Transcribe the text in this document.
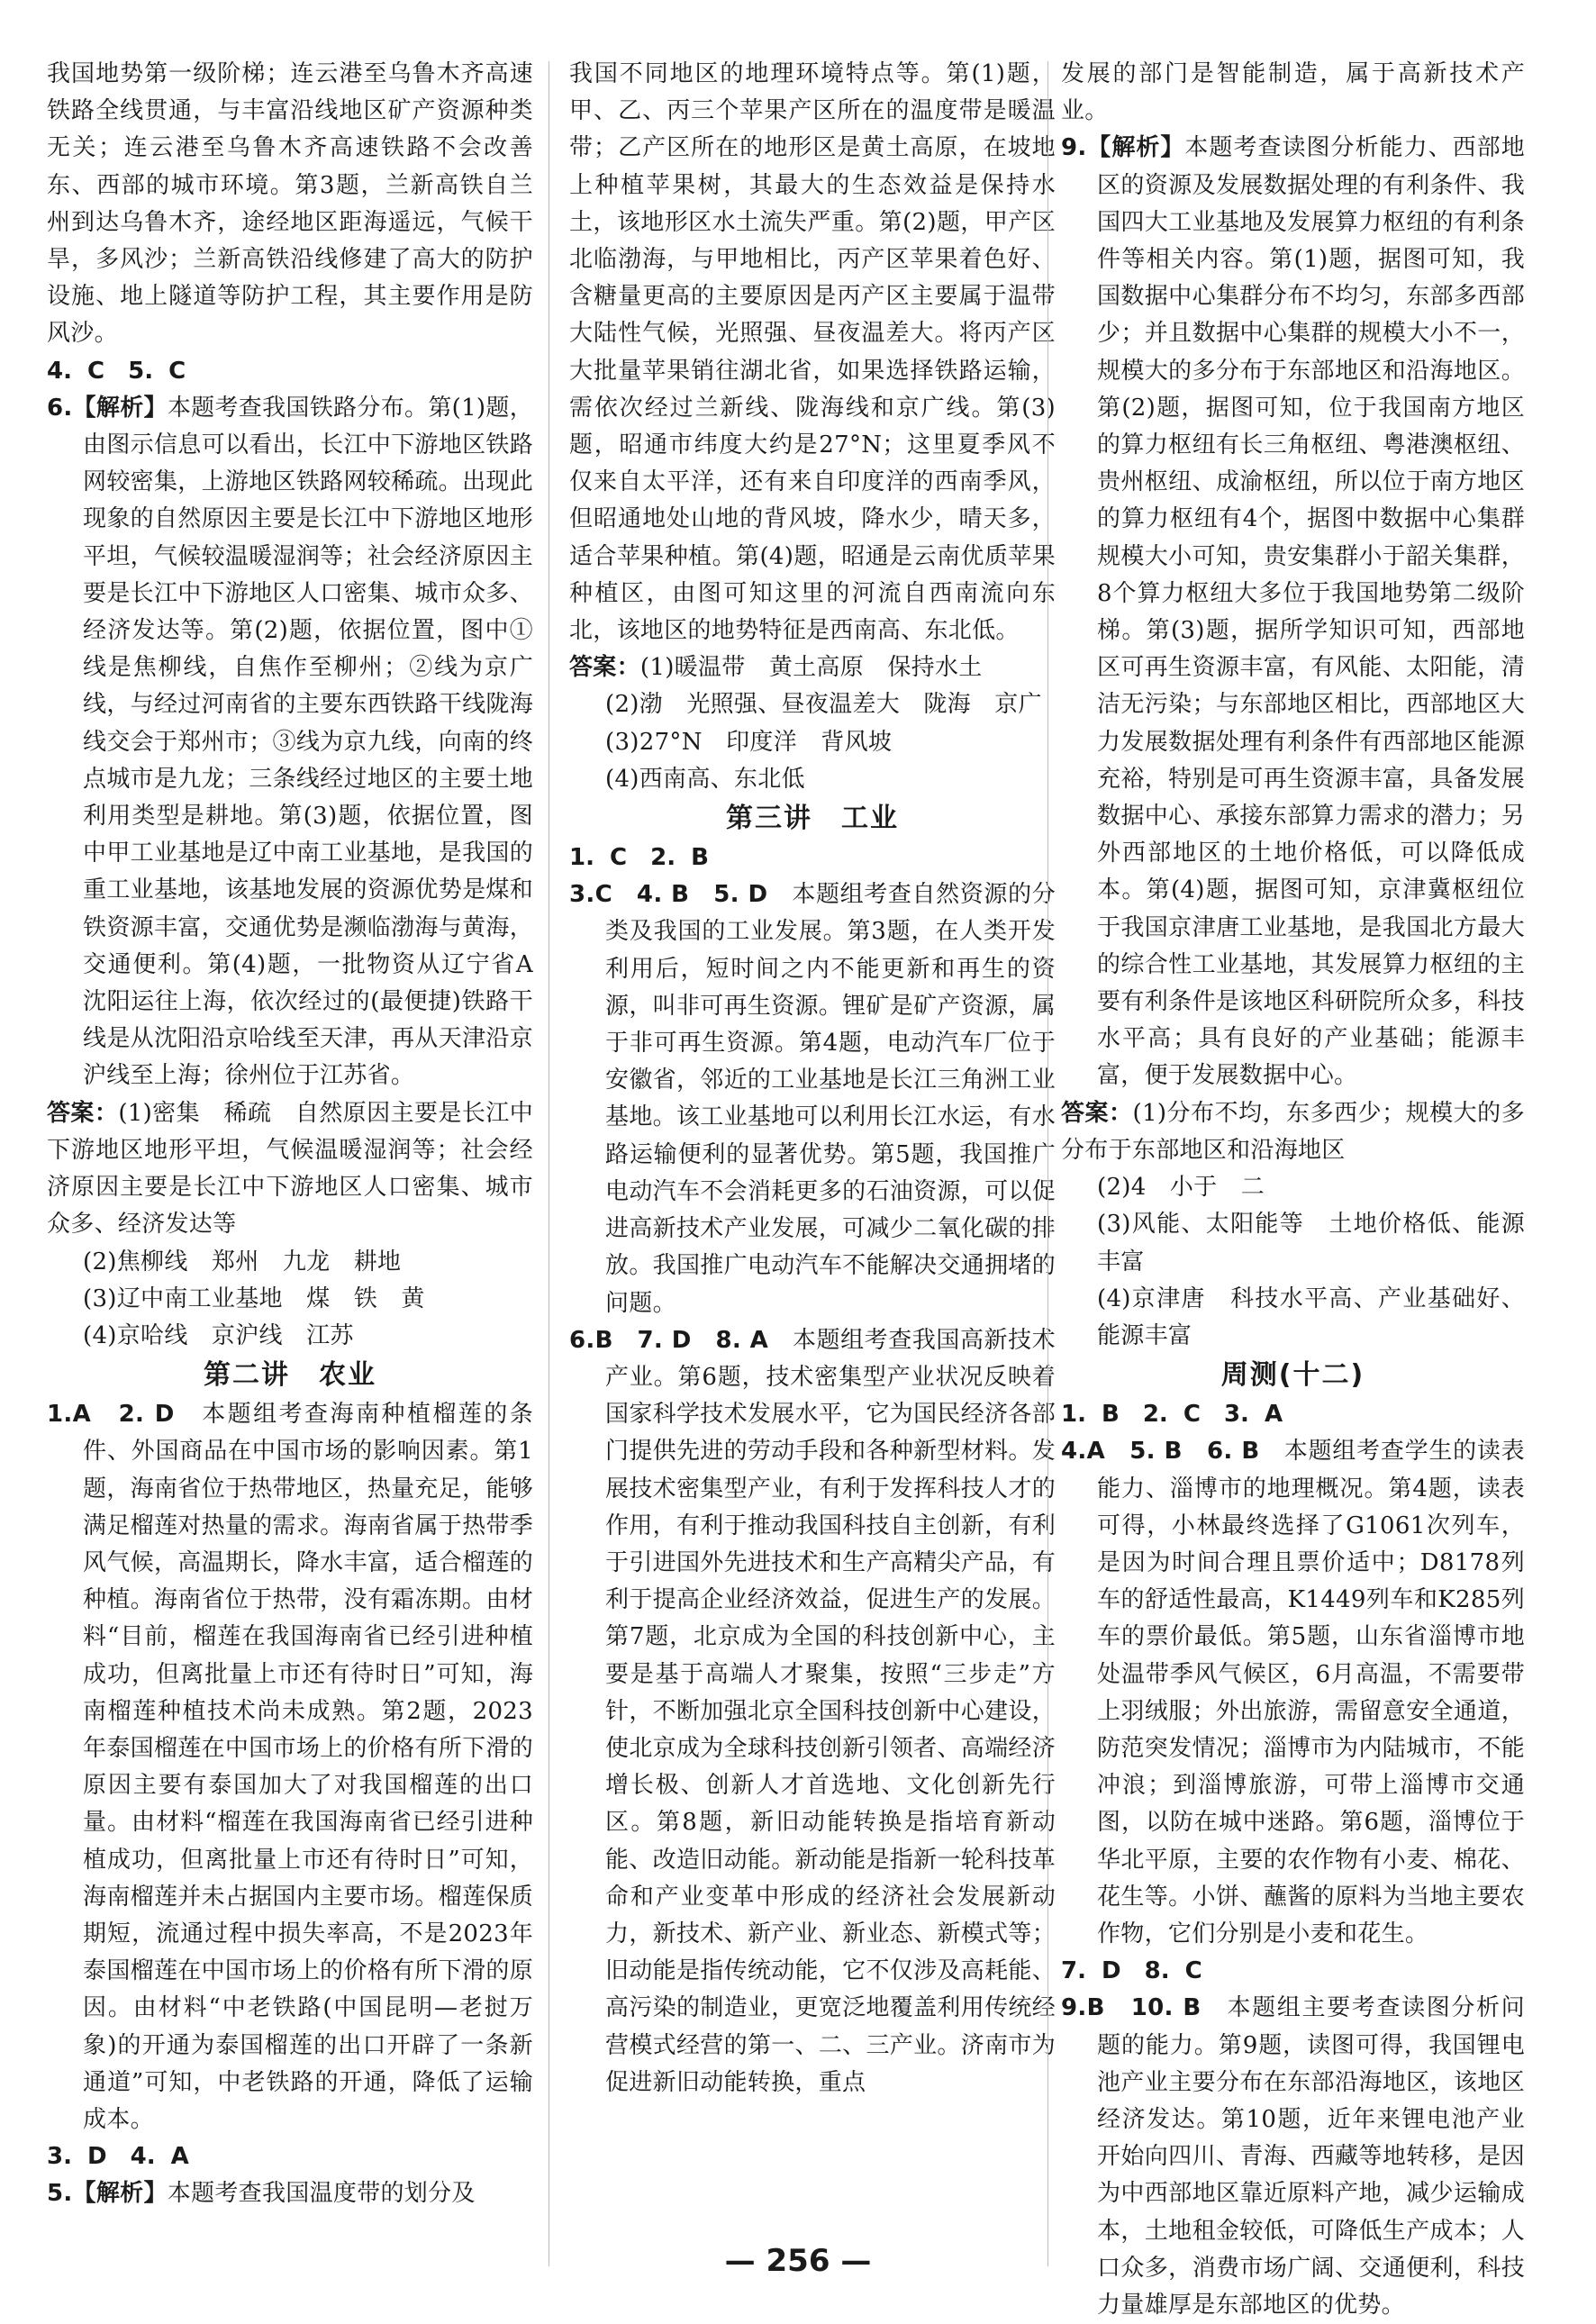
我国地势第一级阶梯；连云港至乌鲁木齐高速铁路全线贯通，与丰富沿线地区矿产资源种类无关；连云港至乌鲁木齐高速铁路不会改善东、西部的城市环境。第3题，兰新高铁自兰州到达乌鲁木齐，途经地区距海遥远，气候干旱，多风沙；兰新高铁沿线修建了高大的防护设施、地上隧道等防护工程，其主要作用是防风沙。

4. C　5. C

6.【解析】本题考查我国铁路分布。第(1)题，由图示信息可以看出，长江中下游地区铁路网较密集，上游地区铁路网较稀疏。出现此现象的自然原因主要是长江中下游地区地形平坦，气候较温暖湿润等；社会经济原因主要是长江中下游地区人口密集、城市众多、经济发达等。第(2)题，依据位置，图中①线是焦柳线，自焦作至柳州；②线为京广线，与经过河南省的主要东西铁路干线陇海线交会于郑州市；③线为京九线，向南的终点城市是九龙；三条线经过地区的主要土地利用类型是耕地。第(3)题，依据位置，图中甲工业基地是辽中南工业基地，是我国的重工业基地，该基地发展的资源优势是煤和铁资源丰富，交通优势是濒临渤海与黄海，交通便利。第(4)题，一批物资从辽宁省A沈阳运往上海，依次经过的(最便捷)铁路干线是从沈阳沿京哈线至天津，再从天津沿京沪线至上海；徐州位于江苏省。

答案：(1)密集　稀疏　自然原因主要是长江中下游地区地形平坦，气候温暖湿润等；社会经济原因主要是长江中下游地区人口密集、城市众多、经济发达等

(2)焦柳线　郑州　九龙　耕地

(3)辽中南工业基地　煤　铁　黄

(4)京哈线　京沪线　江苏

第二讲　农业

1.A　2. D　本题组考查海南种植榴莲的条件、外国商品在中国市场的影响因素。第1题，海南省位于热带地区，热量充足，能够满足榴莲对热量的需求。海南省属于热带季风气候，高温期长，降水丰富，适合榴莲的种植。海南省位于热带，没有霜冻期。由材料“目前，榴莲在我国海南省已经引进种植成功，但离批量上市还有待时日”可知，海南榴莲种植技术尚未成熟。第2题，2023年泰国榴莲在中国市场上的价格有所下滑的原因主要有泰国加大了对我国榴莲的出口量。由材料“榴莲在我国海南省已经引进种植成功，但离批量上市还有待时日”可知，海南榴莲并未占据国内主要市场。榴莲保质期短，流通过程中损失率高，不是2023年泰国榴莲在中国市场上的价格有所下滑的原因。由材料“中老铁路(中国昆明—老挝万象)的开通为泰国榴莲的出口开辟了一条新通道”可知，中老铁路的开通，降低了运输成本。

3. D　4. A

5.【解析】本题考查我国温度带的划分及

我国不同地区的地理环境特点等。第(1)题，甲、乙、丙三个苹果产区所在的温度带是暖温带；乙产区所在的地形区是黄土高原，在坡地上种植苹果树，其最大的生态效益是保持水土，该地形区水土流失严重。第(2)题，甲产区北临渤海，与甲地相比，丙产区苹果着色好、含糖量更高的主要原因是丙产区主要属于温带大陆性气候，光照强、昼夜温差大。将丙产区大批量苹果销往湖北省，如果选择铁路运输，需依次经过兰新线、陇海线和京广线。第(3)题，昭通市纬度大约是27°N；这里夏季风不仅来自太平洋，还有来自印度洋的西南季风，但昭通地处山地的背风坡，降水少，晴天多，适合苹果种植。第(4)题，昭通是云南优质苹果种植区，由图可知这里的河流自西南流向东北，该地区的地势特征是西南高、东北低。

答案：(1)暖温带　黄土高原　保持水土

(2)渤　光照强、昼夜温差大　陇海　京广

(3)27°N　印度洋　背风坡

(4)西南高、东北低

第三讲　工业

1. C　2. B

3.C　4. B　5. D　本题组考查自然资源的分类及我国的工业发展。第3题，在人类开发利用后，短时间之内不能更新和再生的资源，叫非可再生资源。锂矿是矿产资源，属于非可再生资源。第4题，电动汽车厂位于安徽省，邻近的工业基地是长江三角洲工业基地。该工业基地可以利用长江水运，有水路运输便利的显著优势。第5题，我国推广电动汽车不会消耗更多的石油资源，可以促进高新技术产业发展，可减少二氧化碳的排放。我国推广电动汽车不能解决交通拥堵的问题。

6.B　7. D　8. A　本题组考查我国高新技术产业。第6题，技术密集型产业状况反映着国家科学技术发展水平，它为国民经济各部门提供先进的劳动手段和各种新型材料。发展技术密集型产业，有利于发挥科技人才的作用，有利于推动我国科技自主创新，有利于引进国外先进技术和生产高精尖产品，有利于提高企业经济效益，促进生产的发展。第7题，北京成为全国的科技创新中心，主要是基于高端人才聚集，按照“三步走”方针，不断加强北京全国科技创新中心建设，使北京成为全球科技创新引领者、高端经济增长极、创新人才首选地、文化创新先行区。第8题，新旧动能转换是指培育新动能、改造旧动能。新动能是指新一轮科技革命和产业变革中形成的经济社会发展新动力，新技术、新产业、新业态、新模式等；旧动能是指传统动能，它不仅涉及高耗能、高污染的制造业，更宽泛地覆盖利用传统经营模式经营的第一、二、三产业。济南市为促进新旧动能转换，重点

发展的部门是智能制造，属于高新技术产业。

9.【解析】本题考查读图分析能力、西部地区的资源及发展数据处理的有利条件、我国四大工业基地及发展算力枢纽的有利条件等相关内容。第(1)题，据图可知，我国数据中心集群分布不均匀，东部多西部少；并且数据中心集群的规模大小不一，规模大的多分布于东部地区和沿海地区。第(2)题，据图可知，位于我国南方地区的算力枢纽有长三角枢纽、粤港澳枢纽、贵州枢纽、成渝枢纽，所以位于南方地区的算力枢纽有4个，据图中数据中心集群规模大小可知，贵安集群小于韶关集群，8个算力枢纽大多位于我国地势第二级阶梯。第(3)题，据所学知识可知，西部地区可再生资源丰富，有风能、太阳能，清洁无污染；与东部地区相比，西部地区大力发展数据处理有利条件有西部地区能源充裕，特别是可再生资源丰富，具备发展数据中心、承接东部算力需求的潜力；另外西部地区的土地价格低，可以降低成本。第(4)题，据图可知，京津冀枢纽位于我国京津唐工业基地，是我国北方最大的综合性工业基地，其发展算力枢纽的主要有利条件是该地区科研院所众多，科技水平高；具有良好的产业基础；能源丰富，便于发展数据中心。

答案：(1)分布不均，东多西少；规模大的多分布于东部地区和沿海地区

(2)4　小于　二

(3)风能、太阳能等　土地价格低、能源丰富

(4)京津唐　科技水平高、产业基础好、能源丰富

周测(十二)

1. B　2. C　3. A

4.A　5. B　6. B　本题组考查学生的读表能力、淄博市的地理概况。第4题，读表可得，小林最终选择了G1061次列车，是因为时间合理且票价适中；D8178列车的舒适性最高，K1449列车和K285列车的票价最低。第5题，山东省淄博市地处温带季风气候区，6月高温，不需要带上羽绒服；外出旅游，需留意安全通道，防范突发情况；淄博市为内陆城市，不能冲浪；到淄博旅游，可带上淄博市交通图，以防在城中迷路。第6题，淄博位于华北平原，主要的农作物有小麦、棉花、花生等。小饼、蘸酱的原料为当地主要农作物，它们分别是小麦和花生。

7. D　8. C

9.B　10. B　本题组主要考查读图分析问题的能力。第9题，读图可得，我国锂电池产业主要分布在东部沿海地区，该地区经济发达。第10题，近年来锂电池产业开始向四川、青海、西藏等地转移，是因为中西部地区靠近原料产地，减少运输成本，土地租金较低，可降低生产成本；人口众多，消费市场广阔、交通便利，科技力量雄厚是东部地区的优势。

— 256 —
